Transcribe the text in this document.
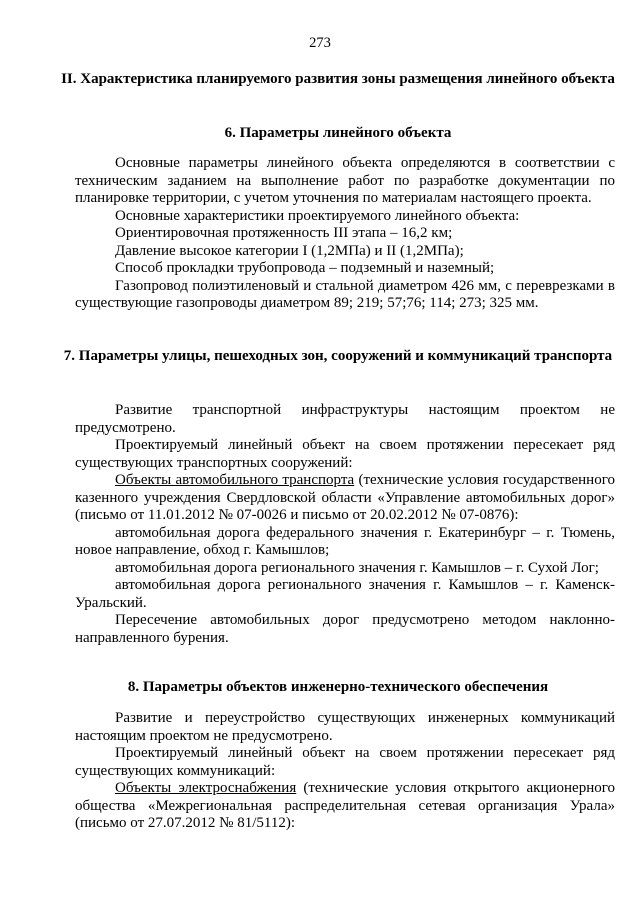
273
II. Характеристика планируемого развития зоны размещения линейного объекта
6. Параметры линейного объекта

Основные параметры линейного объекта определяются в соответствии с техническим заданием на выполнение работ по разработке документации по планировке территории, с учетом уточнения по материалам настоящего проекта.

Основные характеристики проектируемого линейного объекта:

Ориентировочная протяженность III этапа – 16,2 км;

Давление высокое категории I (1,2МПа) и II (1,2МПа);

Способ прокладки трубопровода – подземный и наземный;

Газопровод полиэтиленовый и стальной диаметром 426 мм, с переврезками в существующие газопроводы диаметром 89; 219; 57;76; 114; 273; 325 мм.

7. Параметры улицы, пешеходных зон, сооружений и коммуникаций транспорта

Развитие транспортной инфраструктуры настоящим проектом не предусмотрено.

Проектируемый линейный объект на своем протяжении пересекает ряд существующих транспортных сооружений:

Объекты автомобильного транспорта (технические условия государственного казенного учреждения Свердловской области «Управление автомобильных дорог» (письмо от 11.01.2012 № 07-0026 и письмо от 20.02.2012 № 07-0876):

автомобильная дорога федерального значения г. Екатеринбург – г. Тюмень, новое направление, обход г. Камышлов;

автомобильная дорога регионального значения г. Камышлов – г. Сухой Лог;

автомобильная дорога регионального значения г. Камышлов – г. Каменск-Уральский.

Пересечение автомобильных дорог предусмотрено методом наклонно-направленного бурения.

8. Параметры объектов инженерно-технического обеспечения

Развитие и переустройство существующих инженерных коммуникаций настоящим проектом не предусмотрено.

Проектируемый линейный объект на своем протяжении пересекает ряд существующих коммуникаций:

Объекты электроснабжения (технические условия открытого акционерного общества «Межрегиональная распределительная сетевая организация Урала» (письмо от 27.07.2012 № 81/5112):
